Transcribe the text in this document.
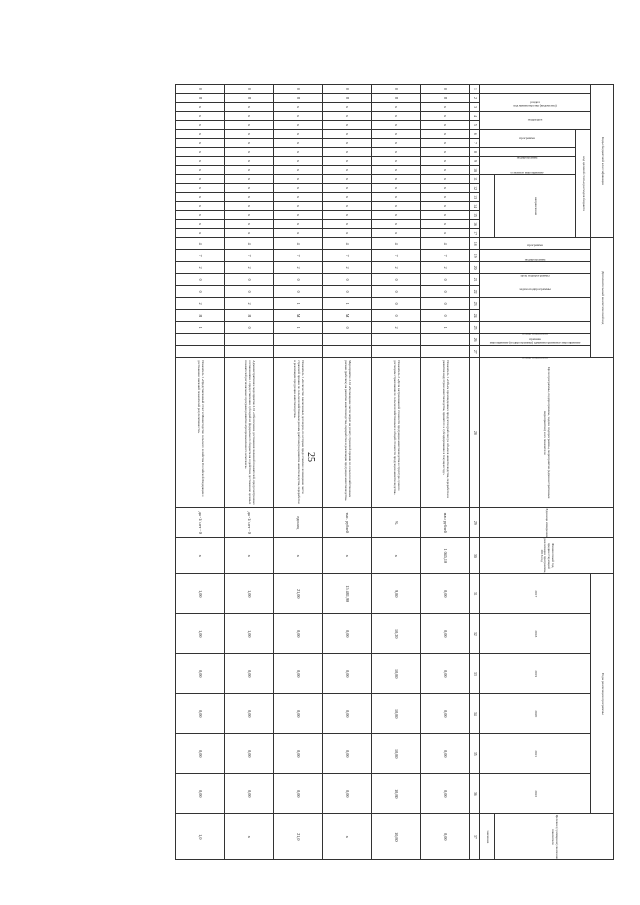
25
Коды бюджетной классификации																	Дополнительный аналитический код										Цели программы, подпрограммы, задачи подпрограммы, мероприятия (административные мероприятия) и их показатели	Единица измерения	Финансовый год, предшествующий реализации программы, 2016 год	Годы реализации программы						Целевое (суммарное) значение показателя
код министерства (ведомства)	раздел		подраздел		код целевой статьи расходов бюджета												программа	подпрограмма	цель подпрограммы	задача подпрограммы		мероприятие (подпрограммы) административное мероприятие		номер показателя	признак	номер показателя				2017	2018	2019	2020	2021	2022	
					программа		подпрограмма	основное мероприятие		направление																										
																																				значение
1	2	3	4	5	6	7	8	9	10	11	12	13	14	15	16	17	18	19	20	21	22	23	24	25	26	27	28	29	30	31	32	33	34	35	36	37
0	8	x	x	x	x	x	x	x	x	x	x	x	x	x	x	x	4	7	2	0	0	0	0	1			Показатель 1 «Объем произведенных продуктов (рабочих) и объемов животноводства, переработки и развития индустрии животноводства, принятого к субсидированию в текущем году»	млн рублей	1 045,10	0,00	0,00	0,00	0,00	0,00	0,00	0,00
0	8	x	x	x	x	x	x	x	x	x	x	x	x	x	x	x	4	7	2	0	0	0	0	2			Показатель 2 «Доля застрахованной стоимости продукции животноводства в структуре сумм по договорам страхования по сельскохозяйственным и общей стоимости продукции животноводства»	%	x	9,80	10,20	10,80	10,80	10,80	10,80	10,80
0	8	x	x	x	x	x	x	x	x	x	x	x	x	x	x	x	4	7	2	0	0	1	М	0			Мероприятие 2.04 «Возмещение части затрат на уплату страховой премии по сельскохозяйственным рискам (рабочим) на развитие животноводства, переработки и реализации продукции животноводства»	тыс. рублей	x	15 481,90	0,00	0,00	0,00	0,00	0,00	x
0	8	x	x	x	x	x	x	x	x	x	x	x	x	x	x	x	4	7	2	0	0	1	М	1			Показатель 1 «Количество заключенных договоров, по которым предоставлено возмещение части страховой премии по сельскохозяйственным рискам (рабочим) на развитие животноводства, переработки и реализации продукции животноводства»	единиц	x	21,00	0,00	0,00	0,00	0,00	0,00	21,0
0	8	x	x	x	x	x	x	x	x	x	x	x	x	x	x	x	4	7	2	0	0	2	Я	0			Административное мероприятие 2.02 «Обеспечение достижения значений показателей, предусмотренных соглашениями о предоставлении субсидий из федерального бюджета на содействие достижению целевых показателей региональных программ развития агропромышленного комплекса»	да -1/ нет - 0	x	1,00	1,00	0,00	0,00	0,00	0,00	x
0	8	x	x	x	x	x	x	x	x	x	x	x	x	x	x	x	4	7	2	0	0	2	Я	1			Показатель 1 «Представленный отчет в Министерство сельского хозяйства Российской Федерации о достижении значений показателей результативности»	да -1/ нет - 0	x	1,00	1,00	0,00	0,00	0,00	0,00	1,0
